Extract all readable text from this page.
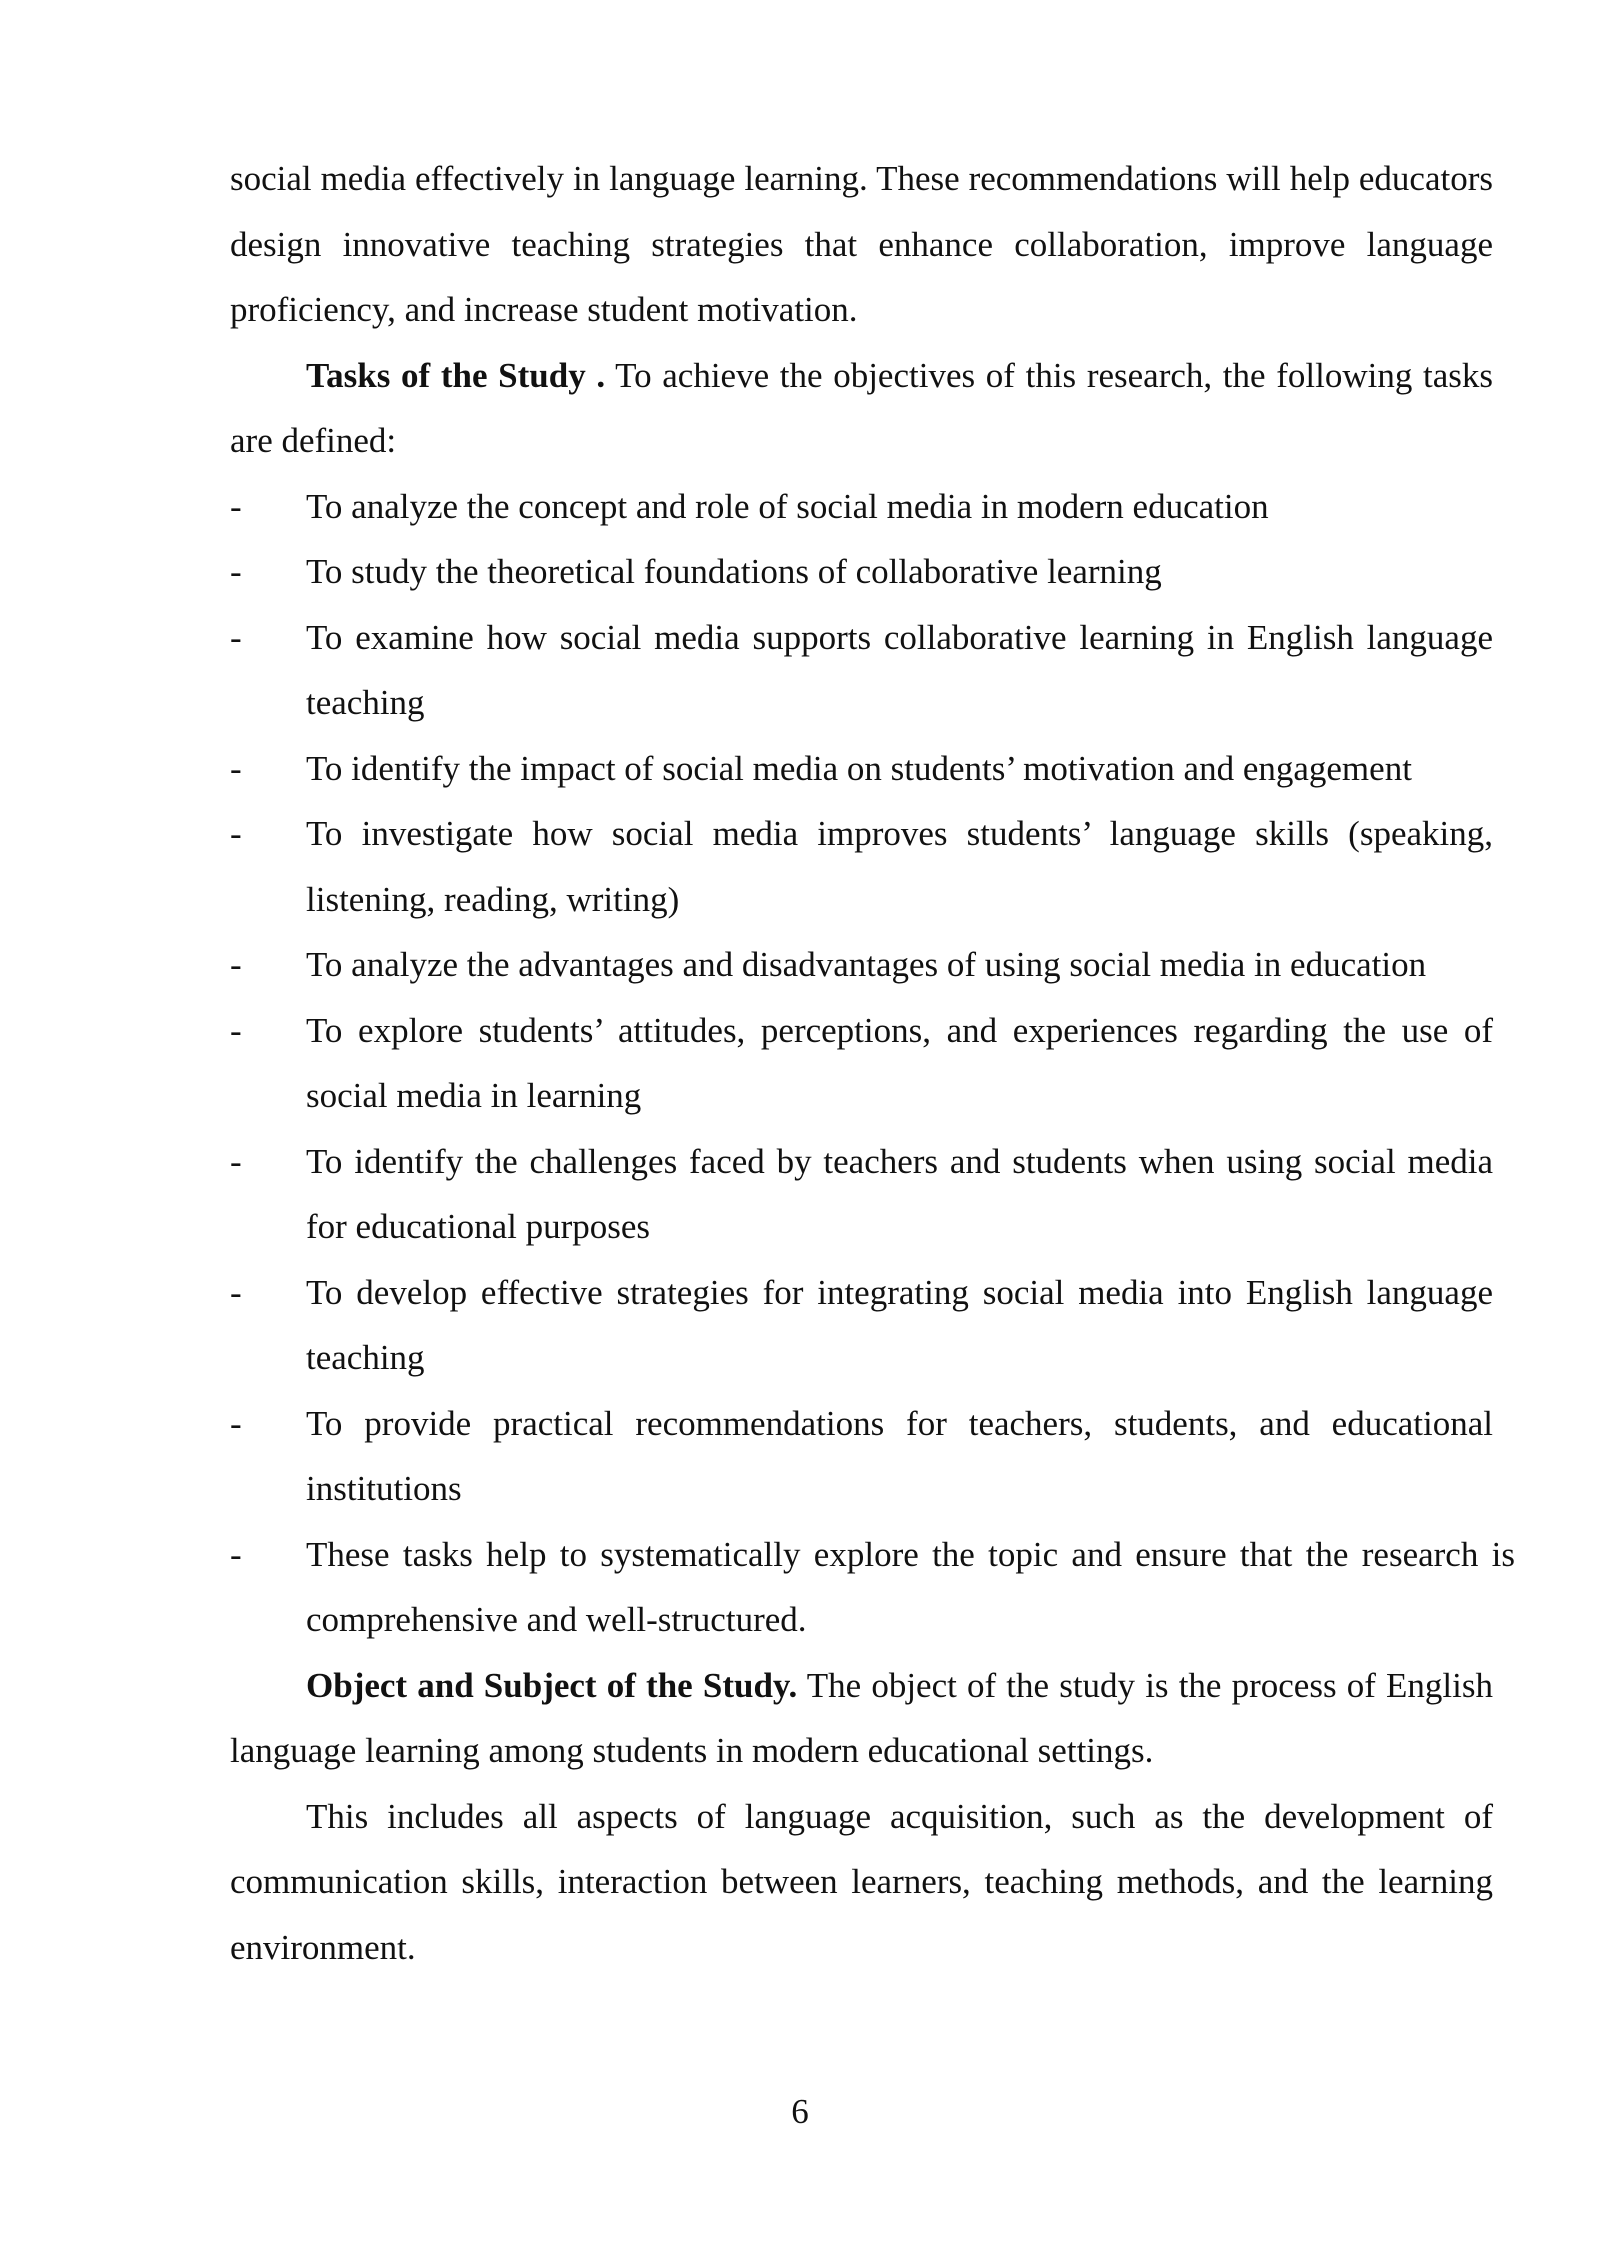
social media effectively in language learning. These recommendations will help educators design innovative teaching strategies that enhance collaboration, improve language proficiency, and increase student motivation.

Tasks of the Study . To achieve the objectives of this research, the following tasks are defined:

- To analyze the concept and role of social media in modern education
- To study the theoretical foundations of collaborative learning
- To examine how social media supports collaborative learning in English language teaching
- To identify the impact of social media on students’ motivation and engagement
- To investigate how social media improves students’ language skills (speaking, listening, reading, writing)
- To analyze the advantages and disadvantages of using social media in education
- To explore students’ attitudes, perceptions, and experiences regarding the use of social media in learning
- To identify the challenges faced by teachers and students when using social media for educational purposes
- To develop effective strategies for integrating social media into English language teaching
- To provide practical recommendations for teachers, students, and educational institutions
- These tasks help to systematically explore the topic and ensure that the research is comprehensive and well-structured.

Object and Subject of the Study. The object of the study is the process of English language learning among students in modern educational settings.

This includes all aspects of language acquisition, such as the development of communication skills, interaction between learners, teaching methods, and the learning environment.

6
